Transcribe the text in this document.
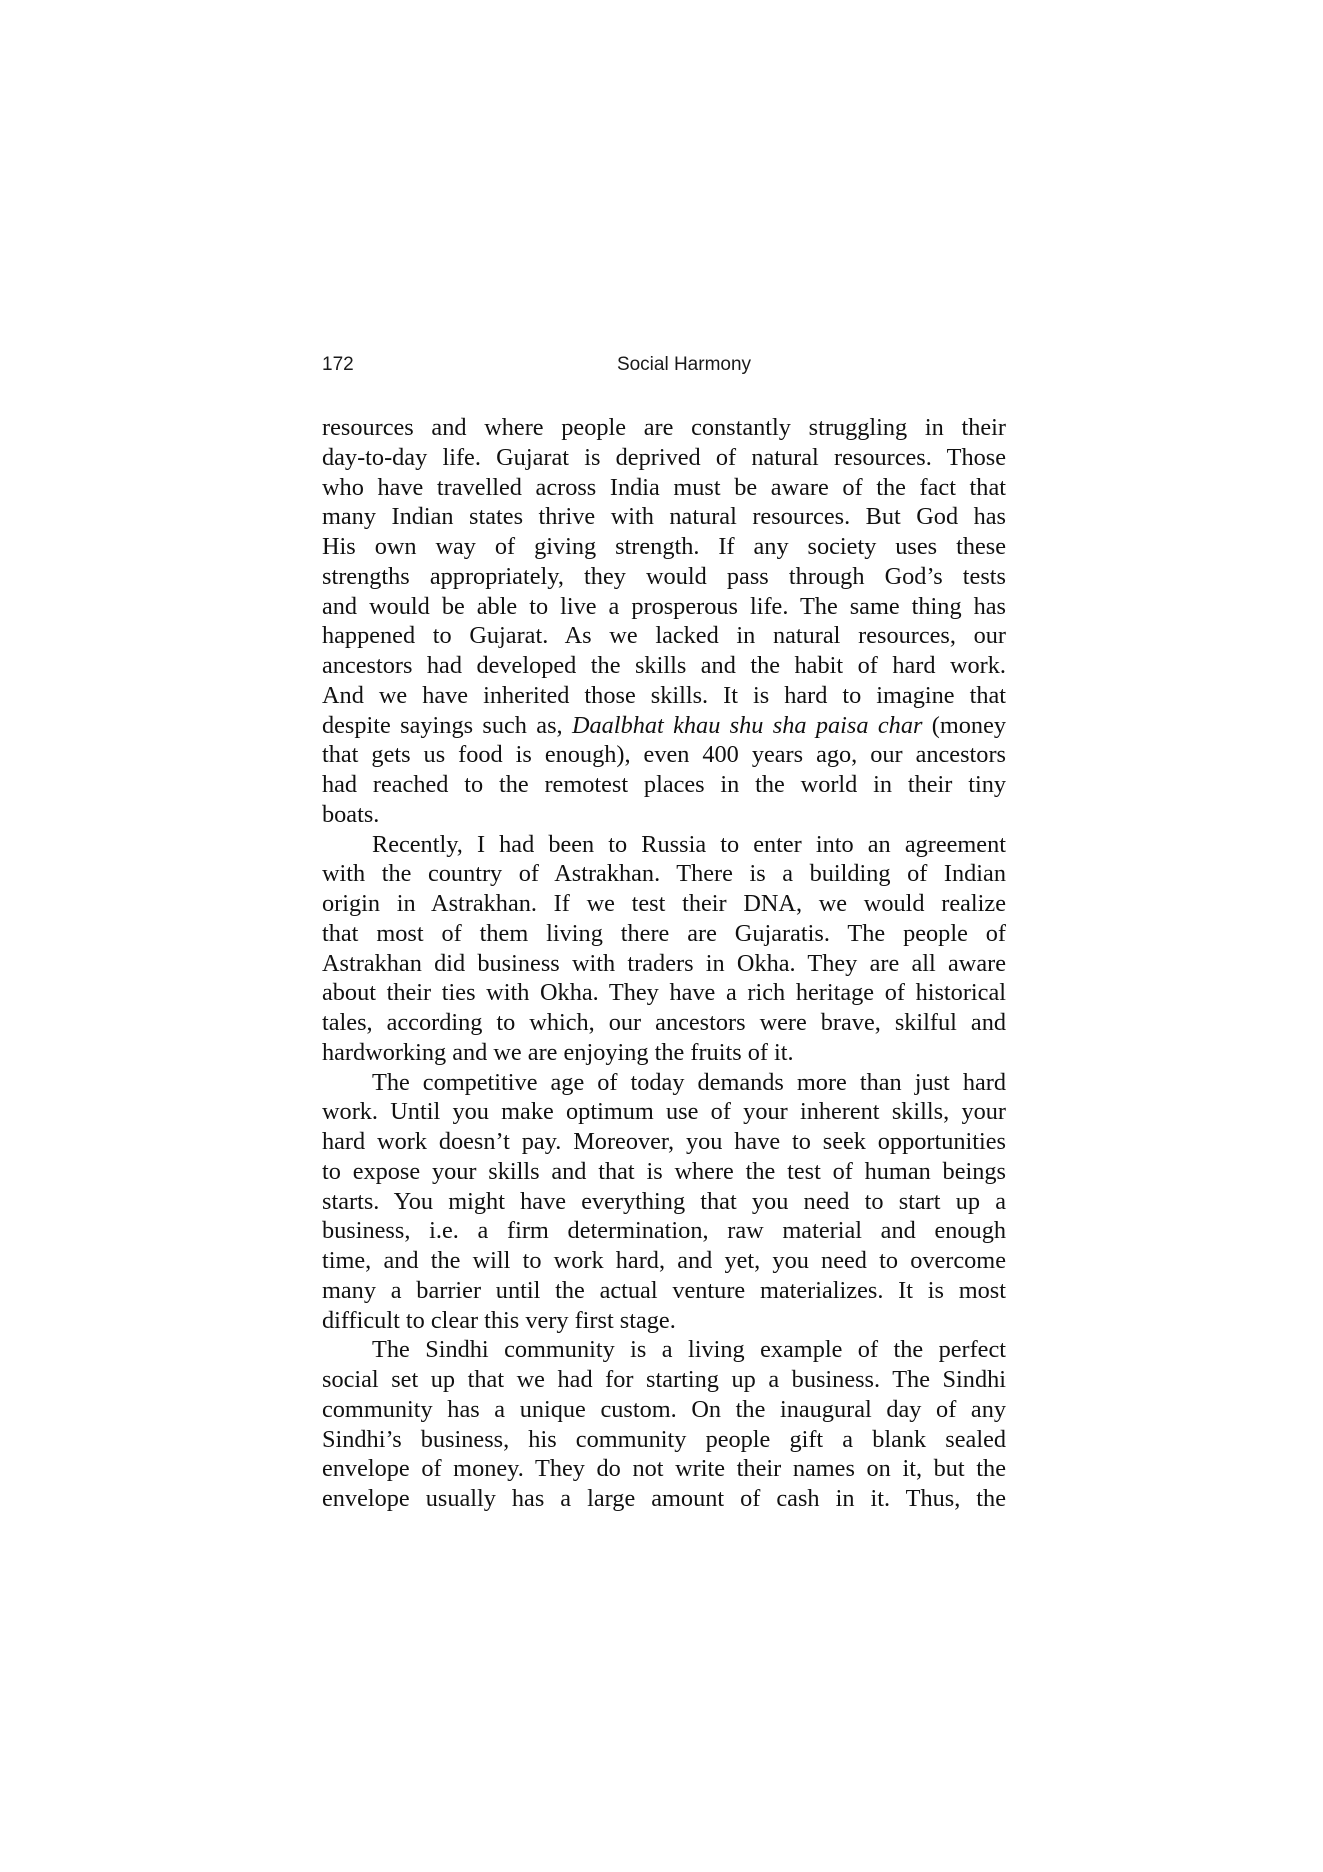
172	Social Harmony
resources and where people are constantly struggling in their
day-to-day life. Gujarat is deprived of natural resources. Those
who have travelled across India must be aware of the fact that
many Indian states thrive with natural resources. But God has
His own way of giving strength. If any society uses these
strengths appropriately, they would pass through God’s tests
and would be able to live a prosperous life. The same thing has
happened to Gujarat. As we lacked in natural resources, our
ancestors had developed the skills and the habit of hard work.
And we have inherited those skills. It is hard to imagine that
despite sayings such as, Daalbhat khau shu sha paisa char (money
that gets us food is enough), even 400 years ago, our ancestors
had reached to the remotest places in the world in their tiny
boats.
Recently, I had been to Russia to enter into an agreement
with the country of Astrakhan. There is a building of Indian
origin in Astrakhan. If we test their DNA, we would realize
that most of them living there are Gujaratis. The people of
Astrakhan did business with traders in Okha. They are all aware
about their ties with Okha. They have a rich heritage of historical
tales, according to which, our ancestors were brave, skilful and
hardworking and we are enjoying the fruits of it.
The competitive age of today demands more than just hard
work. Until you make optimum use of your inherent skills, your
hard work doesn’t pay. Moreover, you have to seek opportunities
to expose your skills and that is where the test of human beings
starts. You might have everything that you need to start up a
business, i.e. a firm determination, raw material and enough
time, and the will to work hard, and yet, you need to overcome
many a barrier until the actual venture materializes. It is most
difficult to clear this very first stage.
The Sindhi community is a living example of the perfect
social set up that we had for starting up a business. The Sindhi
community has a unique custom. On the inaugural day of any
Sindhi’s business, his community people gift a blank sealed
envelope of money. They do not write their names on it, but the
envelope usually has a large amount of cash in it. Thus, the
